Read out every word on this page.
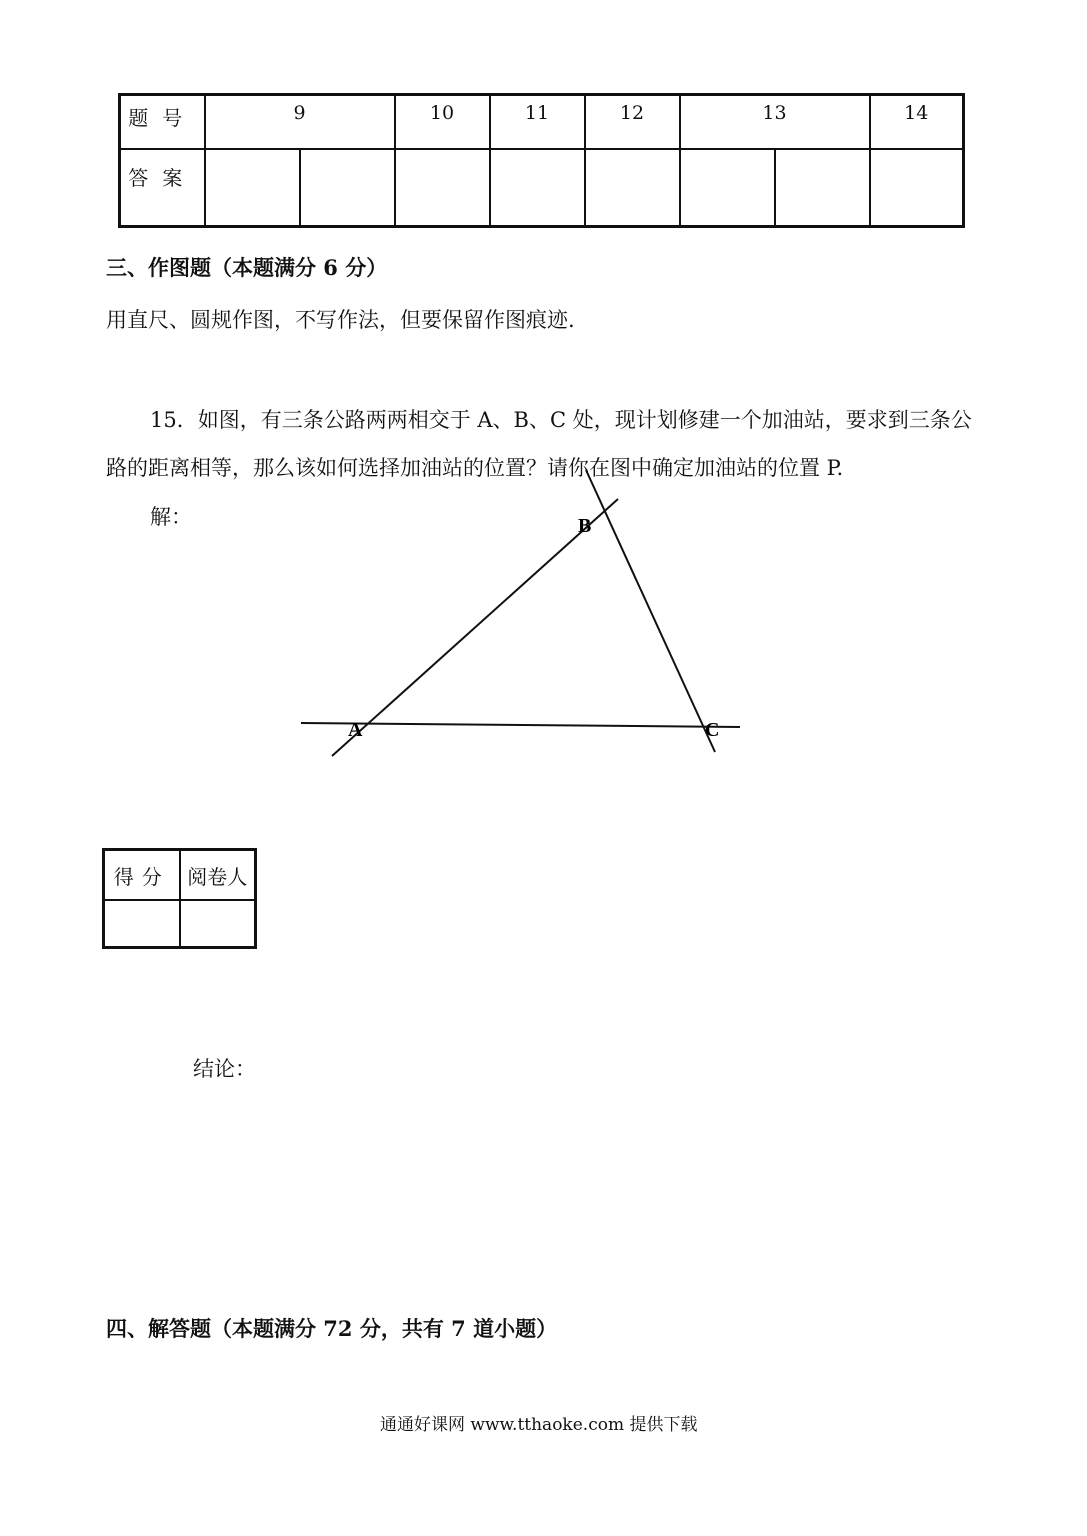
题号	9		10	11	12	13		14
答案								
三、作图题（本题满分 6 分）
用直尺、圆规作图，不写作法，但要保留作图痕迹.
15．如图，有三条公路两两相交于 A、B、C 处，现计划修建一个加油站，要求到三条公
路的距离相等，那么该如何选择加油站的位置？请你在图中确定加油站的位置 P.
解：
A
B
C
得分	阅卷人

结论：
四、解答题（本题满分 72 分，共有 7 道小题）
通通好课网 www.tthaoke.com 提供下载
